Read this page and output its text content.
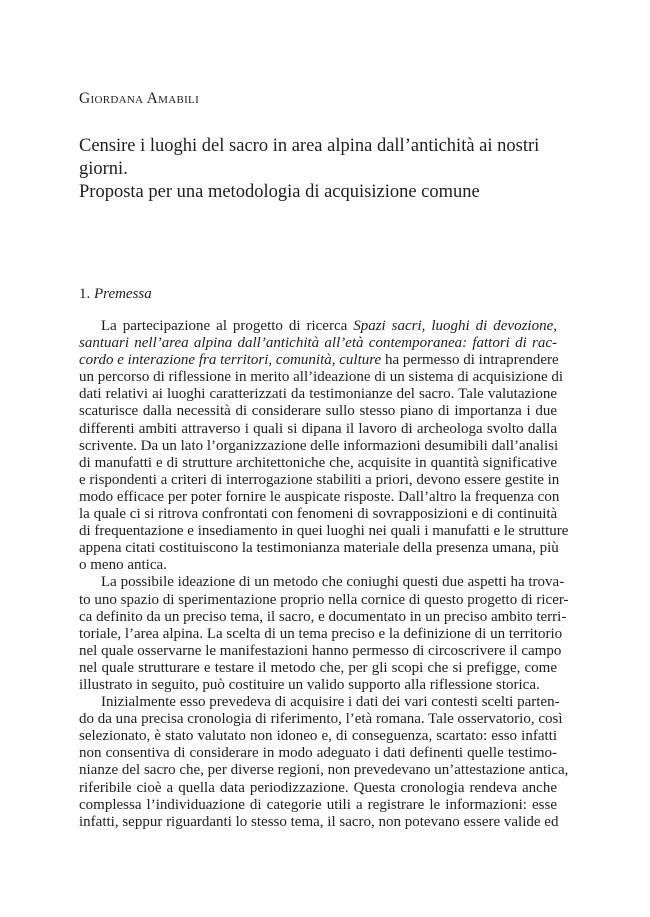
Giordana Amabili
Censire i luoghi del sacro in area alpina dall’antichità ai nostri giorni.
Proposta per una metodologia di acquisizione comune
1. Premessa

La partecipazione al progetto di ricerca Spazi sacri, luoghi di devozione,
santuari nell’area alpina dall’antichità all’età contemporanea: fattori di rac-
cordo e interazione fra territori, comunità, culture ha permesso di intraprendere
un percorso di riflessione in merito all’ideazione di un sistema di acquisizione di
dati relativi ai luoghi caratterizzati da testimonianze del sacro. Tale valutazione
scaturisce dalla necessità di considerare sullo stesso piano di importanza i due
differenti ambiti attraverso i quali si dipana il lavoro di archeologa svolto dalla
scrivente. Da un lato l’organizzazione delle informazioni desumibili dall’analisi
di manufatti e di strutture architettoniche che, acquisite in quantità significative
e rispondenti a criteri di interrogazione stabiliti a priori, devono essere gestite in
modo efficace per poter fornire le auspicate risposte. Dall’altro la frequenza con
la quale ci si ritrova confrontati con fenomeni di sovrapposizioni e di continuità
di frequentazione e insediamento in quei luoghi nei quali i manufatti e le strutture
appena citati costituiscono la testimonianza materiale della presenza umana, più
o meno antica.

La possibile ideazione di un metodo che coniughi questi due aspetti ha trova-
to uno spazio di sperimentazione proprio nella cornice di questo progetto di ricer-
ca definito da un preciso tema, il sacro, e documentato in un preciso ambito terri-
toriale, l’area alpina. La scelta di un tema preciso e la definizione di un territorio
nel quale osservarne le manifestazioni hanno permesso di circoscrivere il campo
nel quale strutturare e testare il metodo che, per gli scopi che si prefigge, come
illustrato in seguito, può costituire un valido supporto alla riflessione storica.

Inizialmente esso prevedeva di acquisire i dati dei vari contesti scelti parten-
do da una precisa cronologia di riferimento, l’età romana. Tale osservatorio, così
selezionato, è stato valutato non idoneo e, di conseguenza, scartato: esso infatti
non consentiva di considerare in modo adeguato i dati definenti quelle testimo-
nianze del sacro che, per diverse regioni, non prevedevano un’attestazione antica,
riferibile cioè a quella data periodizzazione. Questa cronologia rendeva anche
complessa l’individuazione di categorie utili a registrare le informazioni: esse
infatti, seppur riguardanti lo stesso tema, il sacro, non potevano essere valide ed
